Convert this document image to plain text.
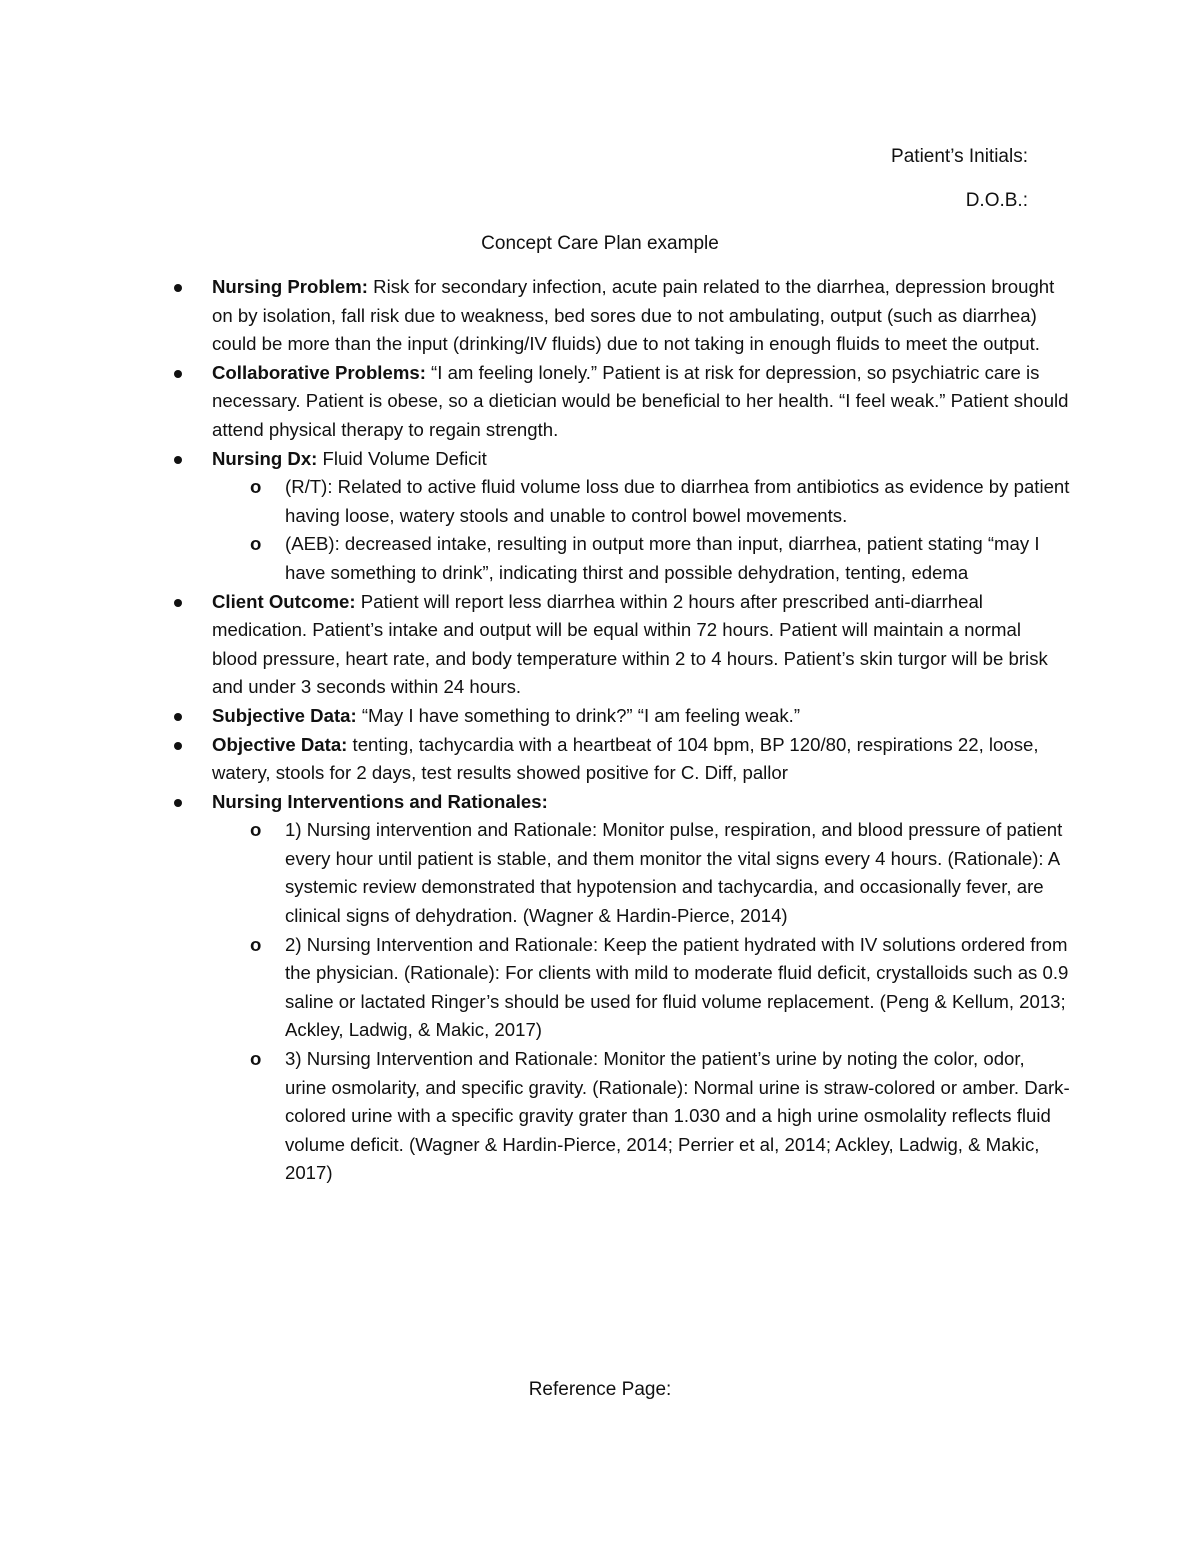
Patient’s Initials:
D.O.B.:
Concept Care Plan example
Nursing Problem: Risk for secondary infection, acute pain related to the diarrhea, depression brought on by isolation, fall risk due to weakness, bed sores due to not ambulating, output (such as diarrhea) could be more than the input (drinking/IV fluids) due to not taking in enough fluids to meet the output.
Collaborative Problems: “I am feeling lonely.” Patient is at risk for depression, so psychiatric care is necessary. Patient is obese, so a dietician would be beneficial to her health. “I feel weak.” Patient should attend physical therapy to regain strength.
Nursing Dx: Fluid Volume Deficit
o (R/T): Related to active fluid volume loss due to diarrhea from antibiotics as evidence by patient having loose, watery stools and unable to control bowel movements.
o (AEB): decreased intake, resulting in output more than input, diarrhea, patient stating “may I have something to drink”, indicating thirst and possible dehydration, tenting, edema
Client Outcome: Patient will report less diarrhea within 2 hours after prescribed anti-diarrheal medication. Patient’s intake and output will be equal within 72 hours. Patient will maintain a normal blood pressure, heart rate, and body temperature within 2 to 4 hours. Patient’s skin turgor will be brisk and under 3 seconds within 24 hours.
Subjective Data: “May I have something to drink?” “I am feeling weak.”
Objective Data: tenting, tachycardia with a heartbeat of 104 bpm, BP 120/80, respirations 22, loose, watery, stools for 2 days, test results showed positive for C. Diff, pallor
Nursing Interventions and Rationales:
o 1) Nursing intervention and Rationale: Monitor pulse, respiration, and blood pressure of patient every hour until patient is stable, and them monitor the vital signs every 4 hours. (Rationale): A systemic review demonstrated that hypotension and tachycardia, and occasionally fever, are clinical signs of dehydration. (Wagner & Hardin-Pierce, 2014)
o 2) Nursing Intervention and Rationale: Keep the patient hydrated with IV solutions ordered from the physician. (Rationale): For clients with mild to moderate fluid deficit, crystalloids such as 0.9 saline or lactated Ringer’s should be used for fluid volume replacement. (Peng & Kellum, 2013; Ackley, Ladwig, & Makic, 2017)
o 3) Nursing Intervention and Rationale: Monitor the patient’s urine by noting the color, odor, urine osmolarity, and specific gravity. (Rationale): Normal urine is straw-colored or amber. Dark-colored urine with a specific gravity grater than 1.030 and a high urine osmolality reflects fluid volume deficit. (Wagner & Hardin-Pierce, 2014; Perrier et al, 2014; Ackley, Ladwig, & Makic, 2017)
Reference Page:
